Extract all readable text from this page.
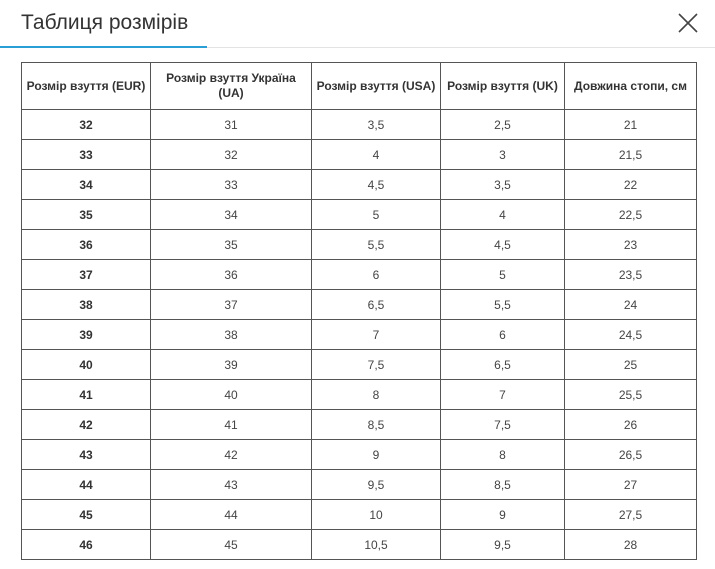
Таблиця розмірів
Розмір взуття (EUR)	Розмір взуття Україна (UA)	Розмір взуття (USA)	Розмір взуття (UK)	Довжина стопи, см
32	31	3,5	2,5	21
33	32	4	3	21,5
34	33	4,5	3,5	22
35	34	5	4	22,5
36	35	5,5	4,5	23
37	36	6	5	23,5
38	37	6,5	5,5	24
39	38	7	6	24,5
40	39	7,5	6,5	25
41	40	8	7	25,5
42	41	8,5	7,5	26
43	42	9	8	26,5
44	43	9,5	8,5	27
45	44	10	9	27,5
46	45	10,5	9,5	28
